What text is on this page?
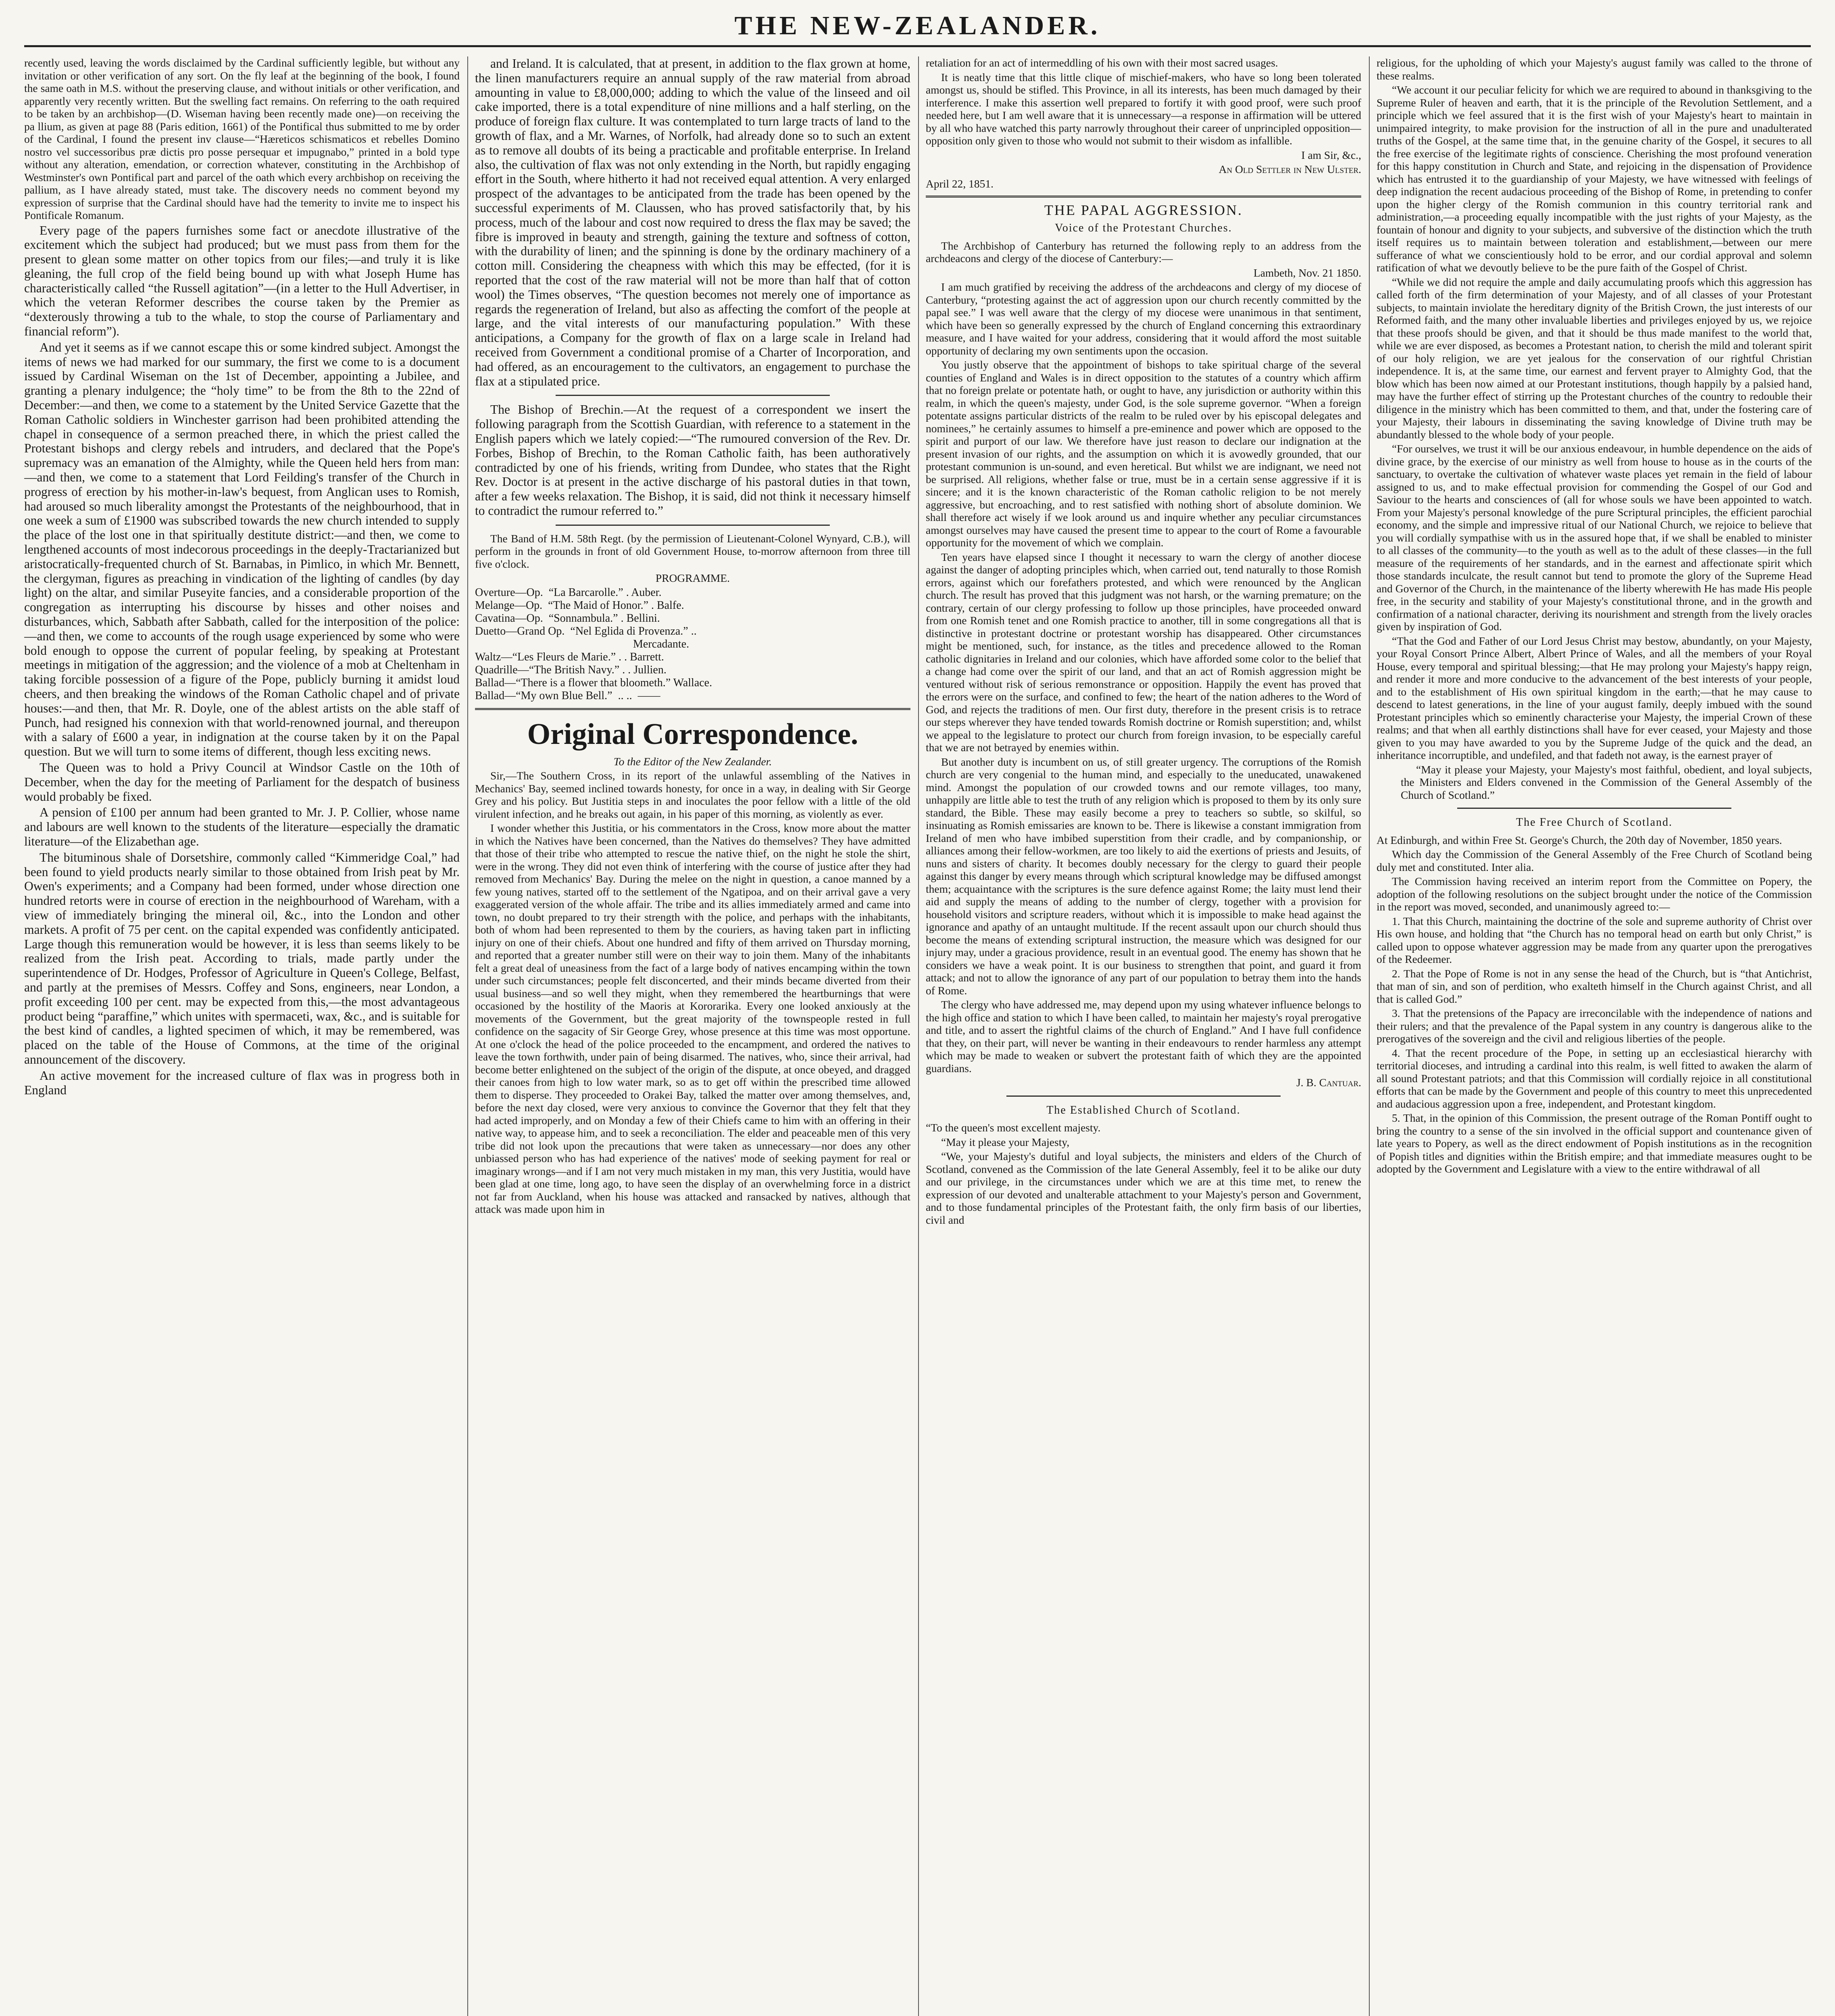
THE NEW-ZEALANDER.

recently used, leaving the words disclaimed by the Cardinal sufficiently legible, but without any invitation or other verification of any sort. On the fly leaf at the beginning of the book, I found the same oath in M.S. without the preserving clause, and without initials or other verification, and apparently very recently written. But the swelling fact remains. On referring to the oath required to be taken by an archbishop—(D. Wiseman having been recently made one)—on receiving the pa llium, as given at page 88 (Paris edition, 1661) of the Pontifical thus submitted to me by order of the Cardinal, I found the present inv clause—“Hæreticos schismaticos et rebelles Domino nostro vel successoribus præ dictis pro posse persequar et impugnabo,” printed in a bold type without any alteration, emendation, or correction whatever, constituting in the Archbishop of Westminster's own Pontifical part and parcel of the oath which every archbishop on receiving the pallium, as I have already stated, must take. The discovery needs no comment beyond my expression of surprise that the Cardinal should have had the temerity to invite me to inspect his Pontificale Romanum.

Every page of the papers furnishes some fact or anecdote illustrative of the excitement which the subject had produced; but we must pass from them for the present to glean some matter on other topics from our files;—and truly it is like gleaning, the full crop of the field being bound up with what Joseph Hume has characteristically called “the Russell agitation”—(in a letter to the Hull Advertiser, in which the veteran Reformer describes the course taken by the Premier as “dexterously throwing a tub to the whale, to stop the course of Parliamentary and financial reform”).

And yet it seems as if we cannot escape this or some kindred subject. Amongst the items of news we had marked for our summary, the first we come to is a document issued by Cardinal Wiseman on the 1st of December, appointing a Jubilee, and granting a plenary indulgence; the “holy time” to be from the 8th to the 22nd of December:—and then, we come to a statement by the United Service Gazette that the Roman Catholic soldiers in Winchester garrison had been prohibited attending the chapel in consequence of a sermon preached there, in which the priest called the Protestant bishops and clergy rebels and intruders, and declared that the Pope's supremacy was an emanation of the Almighty, while the Queen held hers from man:—and then, we come to a statement that Lord Feilding's transfer of the Church in progress of erection by his mother-in-law's bequest, from Anglican uses to Romish, had aroused so much liberality amongst the Protestants of the neighbourhood, that in one week a sum of £1900 was subscribed towards the new church intended to supply the place of the lost one in that spiritually destitute district:—and then, we come to lengthened accounts of most indecorous proceedings in the deeply-Tractarianized but aristocratically-frequented church of St. Barnabas, in Pimlico, in which Mr. Bennett, the clergyman, figures as preaching in vindication of the lighting of candles (by day light) on the altar, and similar Puseyite fancies, and a considerable proportion of the congregation as interrupting his discourse by hisses and other noises and disturbances, which, Sabbath after Sabbath, called for the interposition of the police:—and then, we come to accounts of the rough usage experienced by some who were bold enough to oppose the current of popular feeling, by speaking at Protestant meetings in mitigation of the aggression; and the violence of a mob at Cheltenham in taking forcible possession of a figure of the Pope, publicly burning it amidst loud cheers, and then breaking the windows of the Roman Catholic chapel and of private houses:—and then, that Mr. R. Doyle, one of the ablest artists on the able staff of Punch, had resigned his connexion with that world-renowned journal, and thereupon with a salary of £600 a year, in indignation at the course taken by it on the Papal question. But we will turn to some items of different, though less exciting news.

The Queen was to hold a Privy Council at Windsor Castle on the 10th of December, when the day for the meeting of Parliament for the despatch of business would probably be fixed.

A pension of £100 per annum had been granted to Mr. J. P. Collier, whose name and labours are well known to the students of the literature—especially the dramatic literature—of the Elizabethan age.

The bituminous shale of Dorsetshire, commonly called “Kimmeridge Coal,” had been found to yield products nearly similar to those obtained from Irish peat by Mr. Owen's experiments; and a Company had been formed, under whose direction one hundred retorts were in course of erection in the neighbourhood of Wareham, with a view of immediately bringing the mineral oil, &c., into the London and other markets. A profit of 75 per cent. on the capital expended was confidently anticipated. Large though this remuneration would be however, it is less than seems likely to be realized from the Irish peat. According to trials, made partly under the superintendence of Dr. Hodges, Professor of Agriculture in Queen's College, Belfast, and partly at the premises of Messrs. Coffey and Sons, engineers, near London, a profit exceeding 100 per cent. may be expected from this,—the most advantageous product being “paraffine,” which unites with spermaceti, wax, &c., and is suitable for the best kind of candles, a lighted specimen of which, it may be remembered, was placed on the table of the House of Commons, at the time of the original announcement of the discovery.

An active movement for the increased culture of flax was in progress both in England

and Ireland. It is calculated, that at present, in addition to the flax grown at home, the linen manufacturers require an annual supply of the raw material from abroad amounting in value to £8,000,000; adding to which the value of the linseed and oil cake imported, there is a total expenditure of nine millions and a half sterling, on the produce of foreign flax culture. It was contemplated to turn large tracts of land to the growth of flax, and a Mr. Warnes, of Norfolk, had already done so to such an extent as to remove all doubts of its being a practicable and profitable enterprise. In Ireland also, the cultivation of flax was not only extending in the North, but rapidly engaging effort in the South, where hitherto it had not received equal attention. A very enlarged prospect of the advantages to be anticipated from the trade has been opened by the successful experiments of M. Claussen, who has proved satisfactorily that, by his process, much of the labour and cost now required to dress the flax may be saved; the fibre is improved in beauty and strength, gaining the texture and softness of cotton, with the durability of linen; and the spinning is done by the ordinary machinery of a cotton mill. Considering the cheapness with which this may be effected, (for it is reported that the cost of the raw material will not be more than half that of cotton wool) the Times observes, “The question becomes not merely one of importance as regards the regeneration of Ireland, but also as affecting the comfort of the people at large, and the vital interests of our manufacturing population.” With these anticipations, a Company for the growth of flax on a large scale in Ireland had received from Government a conditional promise of a Charter of Incorporation, and had offered, as an encouragement to the cultivators, an engagement to purchase the flax at a stipulated price.

The Bishop of Brechin.—At the request of a correspondent we insert the following paragraph from the Scottish Guardian, with reference to a statement in the English papers which we lately copied:—“The rumoured conversion of the Rev. Dr. Forbes, Bishop of Brechin, to the Roman Catholic faith, has been authoratively contradicted by one of his friends, writing from Dundee, who states that the Right Rev. Doctor is at present in the active discharge of his pastoral duties in that town, after a few weeks relaxation. The Bishop, it is said, did not think it necessary himself to contradict the rumour referred to.”

The Band of H.M. 58th Regt. (by the permission of Lieutenant-Colonel Wynyard, C.B.), will perform in the grounds in front of old Government House, to-morrow afternoon from three till five o'clock.

PROGRAMME.

Overture—Op.  “La Barcarolle.” . Auber.
Melange—Op.  “The Maid of Honor.” . Balfe.
Cavatina—Op.  “Sonnambula.” . Bellini.
Duetto—Grand Op.  “Nel Eglida di Provenza.” ..
Mercadante.
Waltz—“Les Fleurs de Marie.” . . Barrett.
Quadrille—“The British Navy.” . . Jullien.
Ballad—“There is a flower that bloometh.” Wallace.
Ballad—“My own Blue Bell.”  .. ..  ——

Original Correspondence.

To the Editor of the New Zealander.

Sir,—The Southern Cross, in its report of the unlawful assembling of the Natives in Mechanics' Bay, seemed inclined towards honesty, for once in a way, in dealing with Sir George Grey and his policy. But Justitia steps in and inoculates the poor fellow with a little of the old virulent infection, and he breaks out again, in his paper of this morning, as violently as ever.

I wonder whether this Justitia, or his commentators in the Cross, know more about the matter in which the Natives have been concerned, than the Natives do themselves? They have admitted that those of their tribe who attempted to rescue the native thief, on the night he stole the shirt, were in the wrong. They did not even think of interfering with the course of justice after they had removed from Mechanics' Bay. During the melee on the night in question, a canoe manned by a few young natives, started off to the settlement of the Ngatipoa, and on their arrival gave a very exaggerated version of the whole affair. The tribe and its allies immediately armed and came into town, no doubt prepared to try their strength with the police, and perhaps with the inhabitants, both of whom had been represented to them by the couriers, as having taken part in inflicting injury on one of their chiefs. About one hundred and fifty of them arrived on Thursday morning, and reported that a greater number still were on their way to join them. Many of the inhabitants felt a great deal of uneasiness from the fact of a large body of natives encamping within the town under such circumstances; people felt disconcerted, and their minds became diverted from their usual business—and so well they might, when they remembered the heartburnings that were occasioned by the hostility of the Maoris at Kororarika. Every one looked anxiously at the movements of the Government, but the great majority of the townspeople rested in full confidence on the sagacity of Sir George Grey, whose presence at this time was most opportune. At one o'clock the head of the police proceeded to the encampment, and ordered the natives to leave the town forthwith, under pain of being disarmed. The natives, who, since their arrival, had become better enlightened on the subject of the origin of the dispute, at once obeyed, and dragged their canoes from high to low water mark, so as to get off within the prescribed time allowed them to disperse. They proceeded to Orakei Bay, talked the matter over among themselves, and, before the next day closed, were very anxious to convince the Governor that they felt that they had acted improperly, and on Monday a few of their Chiefs came to him with an offering in their native way, to appease him, and to seek a reconciliation. The elder and peaceable men of this very tribe did not look upon the precautions that were taken as unnecessary—nor does any other unbiassed person who has had experience of the natives' mode of seeking payment for real or imaginary wrongs—and if I am not very much mistaken in my man, this very Justitia, would have been glad at one time, long ago, to have seen the display of an overwhelming force in a district not far from Auckland, when his house was attacked and ransacked by natives, although that attack was made upon him in

retaliation for an act of intermeddling of his own with their most sacred usages.

It is neatly time that this little clique of mischief-makers, who have so long been tolerated amongst us, should be stifled. This Province, in all its interests, has been much damaged by their interference. I make this assertion well prepared to fortify it with good proof, were such proof needed here, but I am well aware that it is unnecessary—a response in affirmation will be uttered by all who have watched this party narrowly throughout their career of unprincipled opposition—opposition only given to those who would not submit to their wisdom as infallible.

I am Sir, &c.,

An Old Settler in New Ulster.

April 22, 1851.

THE PAPAL AGGRESSION.
Voice of the Protestant Churches.

The Archbishop of Canterbury has returned the following reply to an address from the archdeacons and clergy of the diocese of Canterbury:—

Lambeth, Nov. 21 1850.

I am much gratified by receiving the address of the archdeacons and clergy of my diocese of Canterbury, “protesting against the act of aggression upon our church recently committed by the papal see.” I was well aware that the clergy of my diocese were unanimous in that sentiment, which have been so generally expressed by the church of England concerning this extraordinary measure, and I have waited for your address, considering that it would afford the most suitable opportunity of declaring my own sentiments upon the occasion.

You justly observe that the appointment of bishops to take spiritual charge of the several counties of England and Wales is in direct opposition to the statutes of a country which affirm that no foreign prelate or potentate hath, or ought to have, any jurisdiction or authority within this realm, in which the queen's majesty, under God, is the sole supreme governor. “When a foreign potentate assigns particular districts of the realm to be ruled over by his episcopal delegates and nominees,” he certainly assumes to himself a pre-eminence and power which are opposed to the spirit and purport of our law. We therefore have just reason to declare our indignation at the present invasion of our rights, and the assumption on which it is avowedly grounded, that our protestant communion is un-sound, and even heretical. But whilst we are indignant, we need not be surprised. All religions, whether false or true, must be in a certain sense aggressive if it is sincere; and it is the known characteristic of the Roman catholic religion to be not merely aggressive, but encroaching, and to rest satisfied with nothing short of absolute dominion. We shall therefore act wisely if we look around us and inquire whether any peculiar circumstances amongst ourselves may have caused the present time to appear to the court of Rome a favourable opportunity for the movement of which we complain.

Ten years have elapsed since I thought it necessary to warn the clergy of another diocese against the danger of adopting principles which, when carried out, tend naturally to those Romish errors, against which our forefathers protested, and which were renounced by the Anglican church. The result has proved that this judgment was not harsh, or the warning premature; on the contrary, certain of our clergy professing to follow up those principles, have proceeded onward from one Romish tenet and one Romish practice to another, till in some congregations all that is distinctive in protestant doctrine or protestant worship has disappeared. Other circumstances might be mentioned, such, for instance, as the titles and precedence allowed to the Roman catholic dignitaries in Ireland and our colonies, which have afforded some color to the belief that a change had come over the spirit of our land, and that an act of Romish aggression might be ventured without risk of serious remonstrance or opposition. Happily the event has proved that the errors were on the surface, and confined to few; the heart of the nation adheres to the Word of God, and rejects the traditions of men. Our first duty, therefore in the present crisis is to retrace our steps wherever they have tended towards Romish doctrine or Romish superstition; and, whilst we appeal to the legislature to protect our church from foreign invasion, to be especially careful that we are not betrayed by enemies within.

But another duty is incumbent on us, of still greater urgency. The corruptions of the Romish church are very congenial to the human mind, and especially to the uneducated, unawakened mind. Amongst the population of our crowded towns and our remote villages, too many, unhappily are little able to test the truth of any religion which is proposed to them by its only sure standard, the Bible. These may easily become a prey to teachers so subtle, so skilful, so insinuating as Romish emissaries are known to be. There is likewise a constant immigration from Ireland of men who have imbibed superstition from their cradle, and by companionship, or alliances among their fellow-workmen, are too likely to aid the exertions of priests and Jesuits, of nuns and sisters of charity. It becomes doubly necessary for the clergy to guard their people against this danger by every means through which scriptural knowledge may be diffused amongst them; acquaintance with the scriptures is the sure defence against Rome; the laity must lend their aid and supply the means of adding to the number of clergy, together with a provision for household visitors and scripture readers, without which it is impossible to make head against the ignorance and apathy of an untaught multitude. If the recent assault upon our church should thus become the means of extending scriptural instruction, the measure which was designed for our injury may, under a gracious providence, result in an eventual good. The enemy has shown that he considers we have a weak point. It is our business to strengthen that point, and guard it from attack; and not to allow the ignorance of any part of our population to betray them into the hands of Rome.

The clergy who have addressed me, may depend upon my using whatever influence belongs to the high office and station to which I have been called, to maintain her majesty's royal prerogative and title, and to assert the rightful claims of the church of England.” And I have full confidence that they, on their part, will never be wanting in their endeavours to render harmless any attempt which may be made to weaken or subvert the protestant faith of which they are the appointed guardians.

J. B. Cantuar.

The Established Church of Scotland.

“To the queen's most excellent majesty.

“May it please your Majesty,

“We, your Majesty's dutiful and loyal subjects, the ministers and elders of the Church of Scotland, convened as the Commission of the late General Assembly, feel it to be alike our duty and our privilege, in the circumstances under which we are at this time met, to renew the expression of our devoted and unalterable attachment to your Majesty's person and Government, and to those fundamental principles of the Protestant faith, the only firm basis of our liberties, civil and

religious, for the upholding of which your Majesty's august family was called to the throne of these realms.

“We account it our peculiar felicity for which we are required to abound in thanksgiving to the Supreme Ruler of heaven and earth, that it is the principle of the Revolution Settlement, and a principle which we feel assured that it is the first wish of your Majesty's heart to maintain in unimpaired integrity, to make provision for the instruction of all in the pure and unadulterated truths of the Gospel, at the same time that, in the genuine charity of the Gospel, it secures to all the free exercise of the legitimate rights of conscience. Cherishing the most profound veneration for this happy constitution in Church and State, and rejoicing in the dispensation of Providence which has entrusted it to the guardianship of your Majesty, we have witnessed with feelings of deep indignation the recent audacious proceeding of the Bishop of Rome, in pretending to confer upon the higher clergy of the Romish communion in this country territorial rank and administration,—a proceeding equally incompatible with the just rights of your Majesty, as the fountain of honour and dignity to your subjects, and subversive of the distinction which the truth itself requires us to maintain between toleration and establishment,—between our mere sufferance of what we conscientiously hold to be error, and our cordial approval and solemn ratification of what we devoutly believe to be the pure faith of the Gospel of Christ.

“While we did not require the ample and daily accumulating proofs which this aggression has called forth of the firm determination of your Majesty, and of all classes of your Protestant subjects, to maintain inviolate the hereditary dignity of the British Crown, the just interests of our Reformed faith, and the many other invaluable liberties and privileges enjoyed by us, we rejoice that these proofs should be given, and that it should be thus made manifest to the world that, while we are ever disposed, as becomes a Protestant nation, to cherish the mild and tolerant spirit of our holy religion, we are yet jealous for the conservation of our rightful Christian independence. It is, at the same time, our earnest and fervent prayer to Almighty God, that the blow which has been now aimed at our Protestant institutions, though happily by a palsied hand, may have the further effect of stirring up the Protestant churches of the country to redouble their diligence in the ministry which has been committed to them, and that, under the fostering care of your Majesty, their labours in disseminating the saving knowledge of Divine truth may be abundantly blessed to the whole body of your people.

“For ourselves, we trust it will be our anxious endeavour, in humble dependence on the aids of divine grace, by the exercise of our ministry as well from house to house as in the courts of the sanctuary, to overtake the cultivation of whatever waste places yet remain in the field of labour assigned to us, and to make effectual provision for commending the Gospel of our God and Saviour to the hearts and consciences of (all for whose souls we have been appointed to watch. From your Majesty's personal knowledge of the pure Scriptural principles, the efficient parochial economy, and the simple and impressive ritual of our National Church, we rejoice to believe that you will cordially sympathise with us in the assured hope that, if we shall be enabled to minister to all classes of the community—to the youth as well as to the adult of these classes—in the full measure of the requirements of her standards, and in the earnest and affectionate spirit which those standards inculcate, the result cannot but tend to promote the glory of the Supreme Head and Governor of the Church, in the maintenance of the liberty wherewith He has made His people free, in the security and stability of your Majesty's constitutional throne, and in the growth and confirmation of a national character, deriving its nourishment and strength from the lively oracles given by inspiration of God.

“That the God and Father of our Lord Jesus Christ may bestow, abundantly, on your Majesty, your Royal Consort Prince Albert, Albert Prince of Wales, and all the members of your Royal House, every temporal and spiritual blessing;—that He may prolong your Majesty's happy reign, and render it more and more conducive to the advancement of the best interests of your people, and to the establishment of His own spiritual kingdom in the earth;—that he may cause to descend to latest generations, in the line of your august family, deeply imbued with the sound Protestant principles which so eminently characterise your Majesty, the imperial Crown of these realms; and that when all earthly distinctions shall have for ever ceased, your Majesty and those given to you may have awarded to you by the Supreme Judge of the quick and the dead, an inheritance incorruptible, and undefiled, and that fadeth not away, is the earnest prayer of

“May it please your Majesty, your Majesty's most faithful, obedient, and loyal subjects, the Ministers and Elders convened in the Commission of the General Assembly of the Church of Scotland.”

The Free Church of Scotland.

At Edinburgh, and within Free St. George's Church, the 20th day of November, 1850 years.

Which day the Commission of the General Assembly of the Free Church of Scotland being duly met and constituted. Inter alia.

The Commission having received an interim report from the Committee on Popery, the adoption of the following resolutions on the subject brought under the notice of the Commission in the report was moved, seconded, and unanimously agreed to:—

1. That this Church, maintaining the doctrine of the sole and supreme authority of Christ over His own house, and holding that “the Church has no temporal head on earth but only Christ,” is called upon to oppose whatever aggression may be made from any quarter upon the prerogatives of the Redeemer.

2. That the Pope of Rome is not in any sense the head of the Church, but is “that Antichrist, that man of sin, and son of perdition, who exalteth himself in the Church against Christ, and all that is called God.”

3. That the pretensions of the Papacy are irreconcilable with the independence of nations and their rulers; and that the prevalence of the Papal system in any country is dangerous alike to the prerogatives of the sovereign and the civil and religious liberties of the people.

4. That the recent procedure of the Pope, in setting up an ecclesiastical hierarchy with territorial dioceses, and intruding a cardinal into this realm, is well fitted to awaken the alarm of all sound Protestant patriots; and that this Commission will cordially rejoice in all constitutional efforts that can be made by the Government and people of this country to meet this unprecedented and audacious aggression upon a free, independent, and Protestant kingdom.

5. That, in the opinion of this Commission, the present outrage of the Roman Pontiff ought to bring the country to a sense of the sin involved in the official support and countenance given of late years to Popery, as well as the direct endowment of Popish institutions as in the recognition of Popish titles and dignities within the British empire; and that immediate measures ought to be adopted by the Government and Legislature with a view to the entire withdrawal of all
